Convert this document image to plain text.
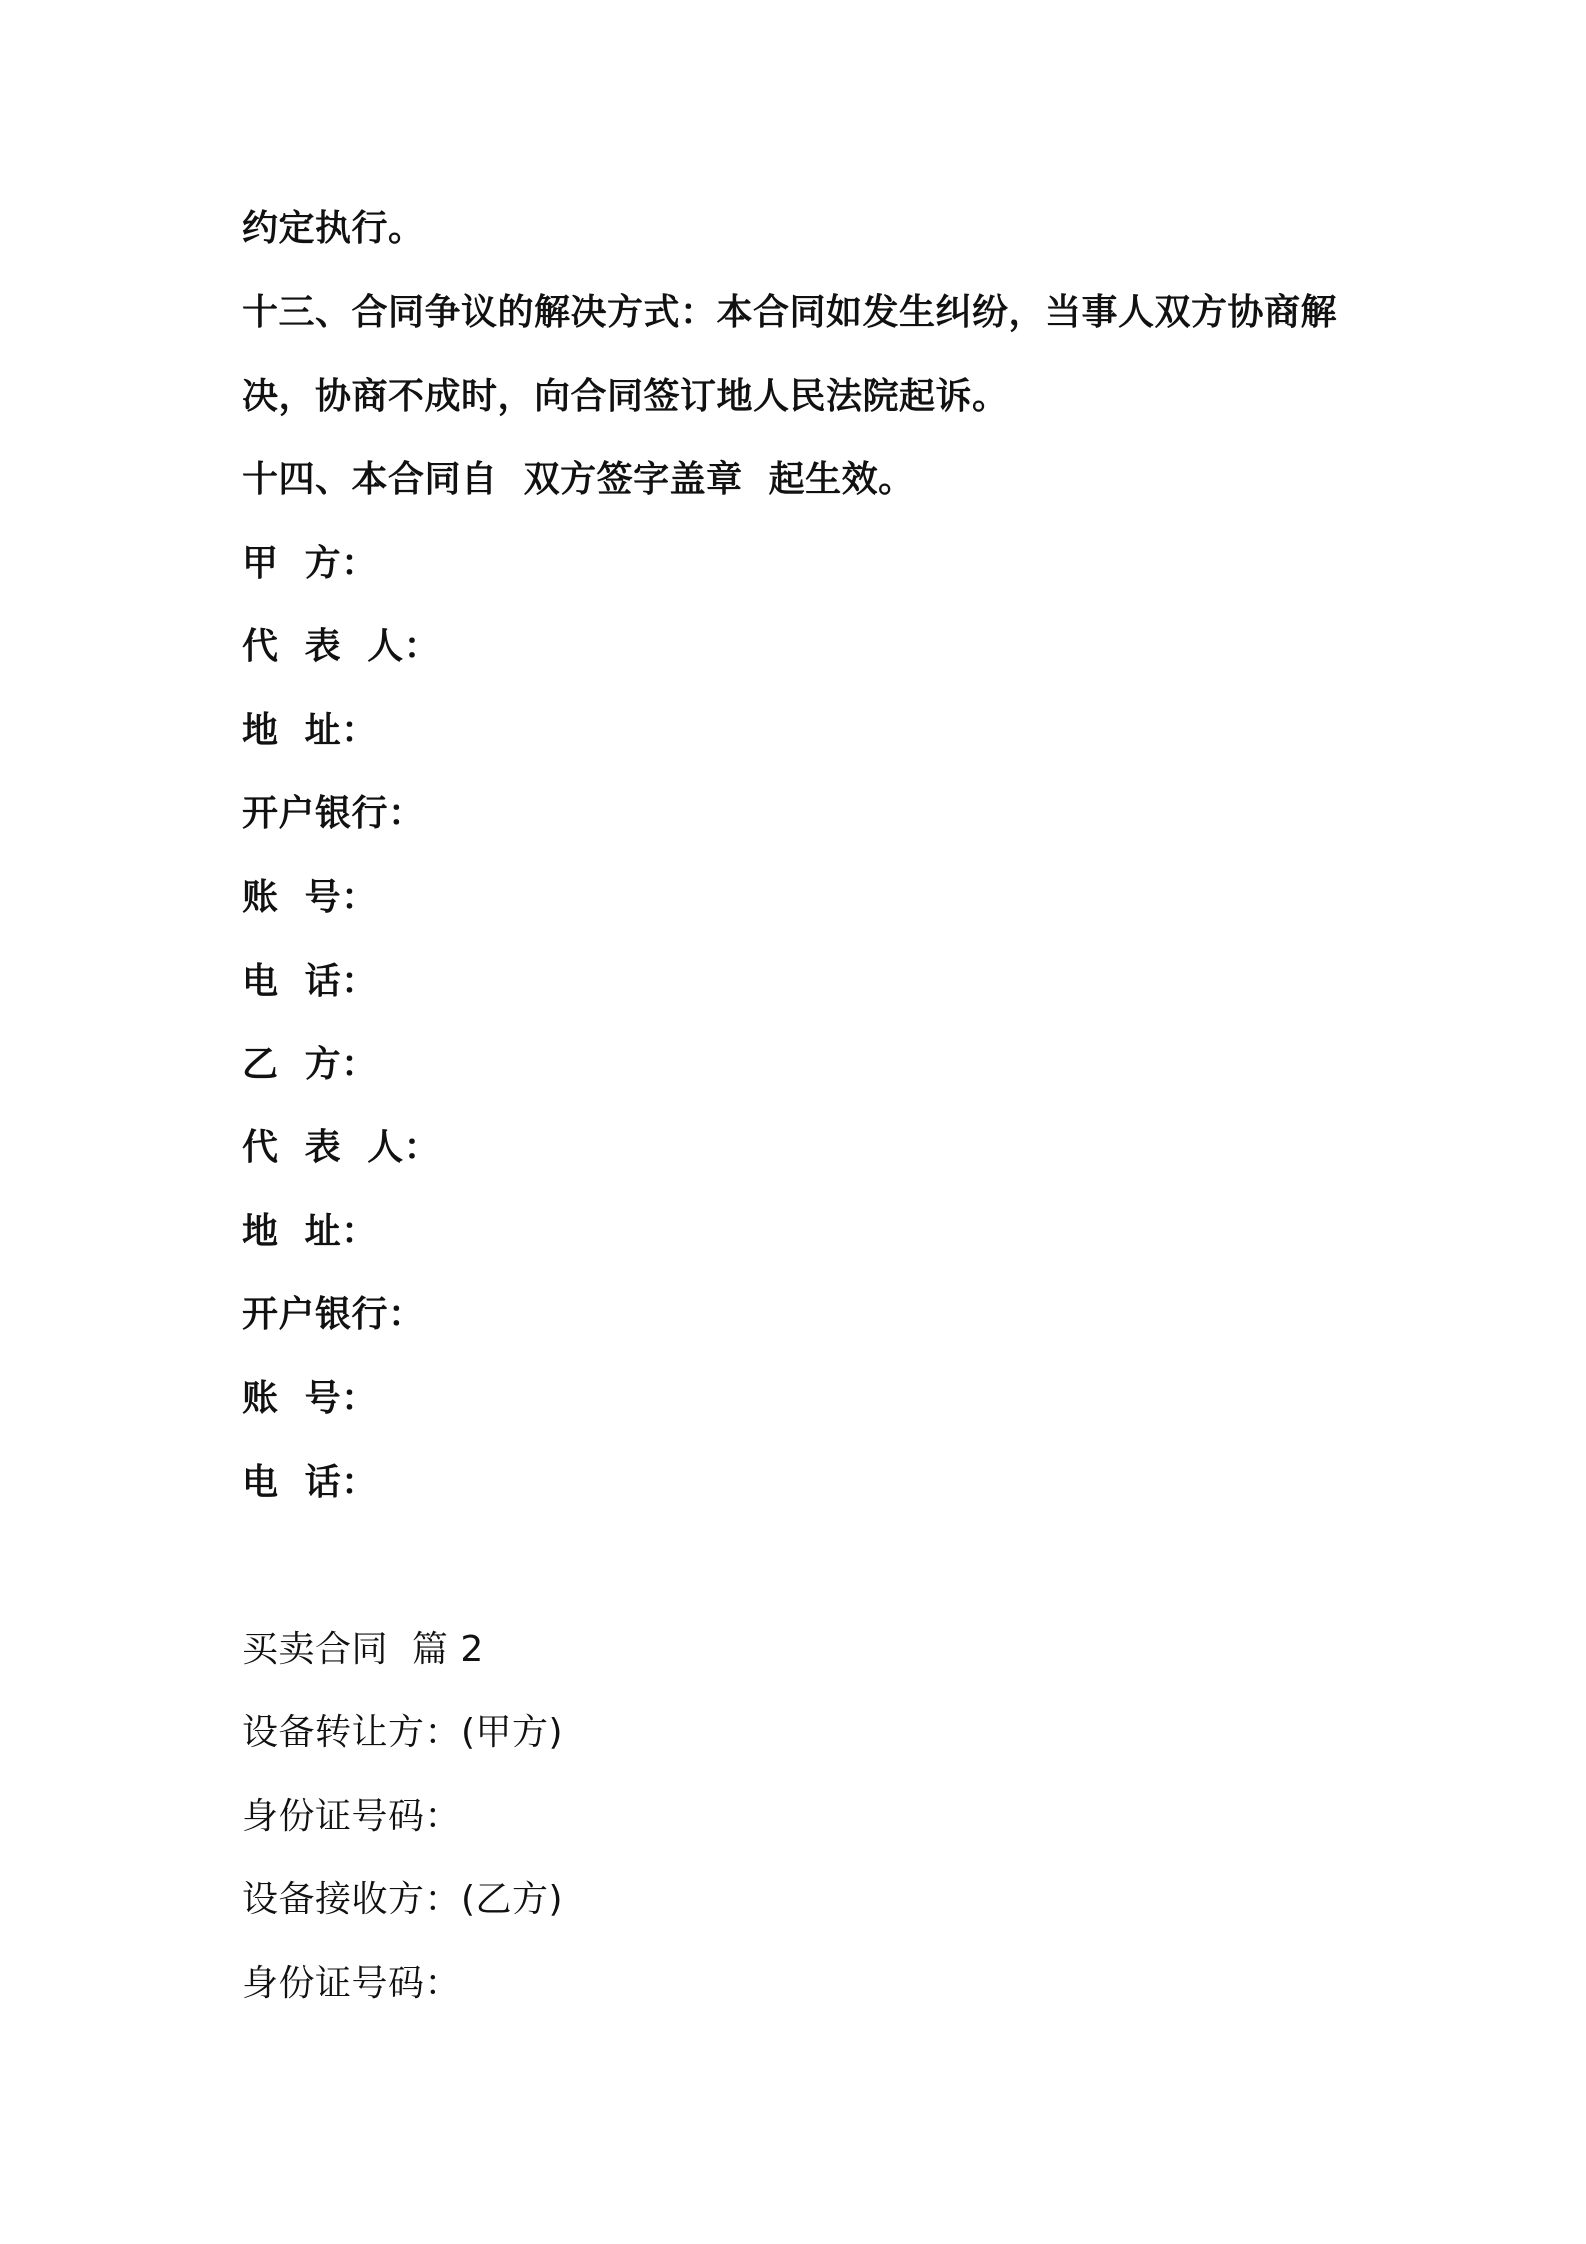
约定执行。
十三、合同争议的解决方式：本合同如发生纠纷，当事人双方协商解
决，协商不成时，向合同签订地人民法院起诉。
十四、本合同自  双方签字盖章  起生效。
甲  方：
代  表  人：
地  址：
开户银行：
账  号：
电  话：
乙  方：
代  表  人：
地  址：
开户银行：
账  号：
电  话：
买卖合同  篇 2
设备转让方：(甲方)
身份证号码：
设备接收方：(乙方)
身份证号码：
